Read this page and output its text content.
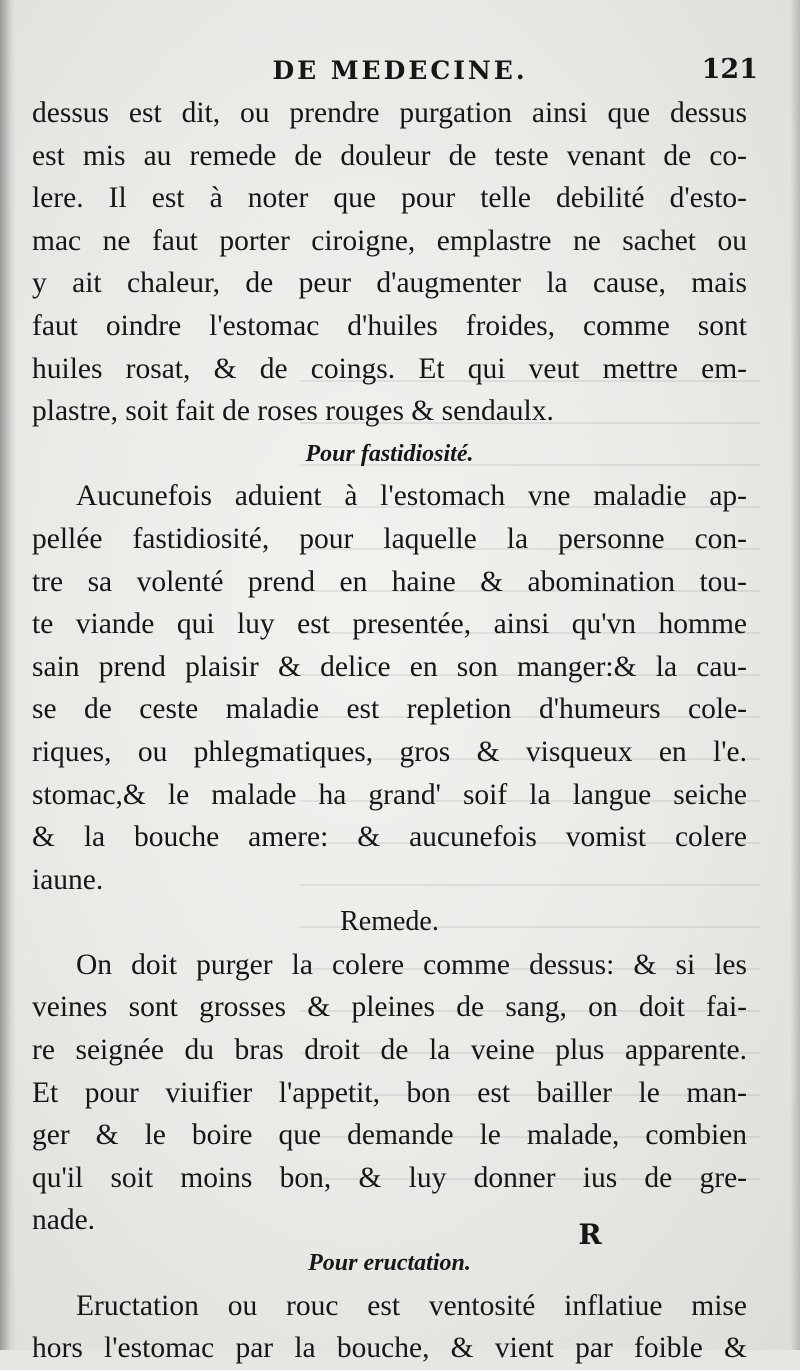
DE MEDECINE.	121
dessus est dit, ou prendre purgation ainsi que dessus
est mis au remede de douleur de teste venant de co-
lere. Il est à noter que pour telle debilité d'esto-
mac ne faut porter ciroigne, emplastre ne sachet ou
y ait chaleur, de peur d'augmenter la cause, mais
faut oindre l'estomac d'huiles froides, comme sont
huiles rosat, & de coings. Et qui veut mettre em-
plastre, soit fait de roses rouges & sendaulx.
Pour fastidiosité.
Aucunefois aduient à l'estomach vne maladie ap-
pellée fastidiosité, pour laquelle la personne con-
tre sa volenté prend en haine & abomination tou-
te viande qui luy est presentée, ainsi qu'vn homme
sain prend plaisir & delice en son manger:& la cau-
se de ceste maladie est repletion d'humeurs cole-
riques, ou phlegmatiques, gros & visqueux en l'e.
stomac,& le malade ha grand' soif la langue seiche
& la bouche amere: & aucunefois vomist colere
iaune.
Remede.
On doit purger la colere comme dessus: & si les
veines sont grosses & pleines de sang, on doit fai-
re seignée du bras droit de la veine plus apparente.
Et pour viuifier l'appetit, bon est bailler le man-
ger & le boire que demande le malade, combien
qu'il soit moins bon, & luy donner ius de gre-
nade.
Pour eructation.
Eructation ou rouc est ventosité inflatiue mise
hors l'estomac par la bouche, & vient par foible &
R
